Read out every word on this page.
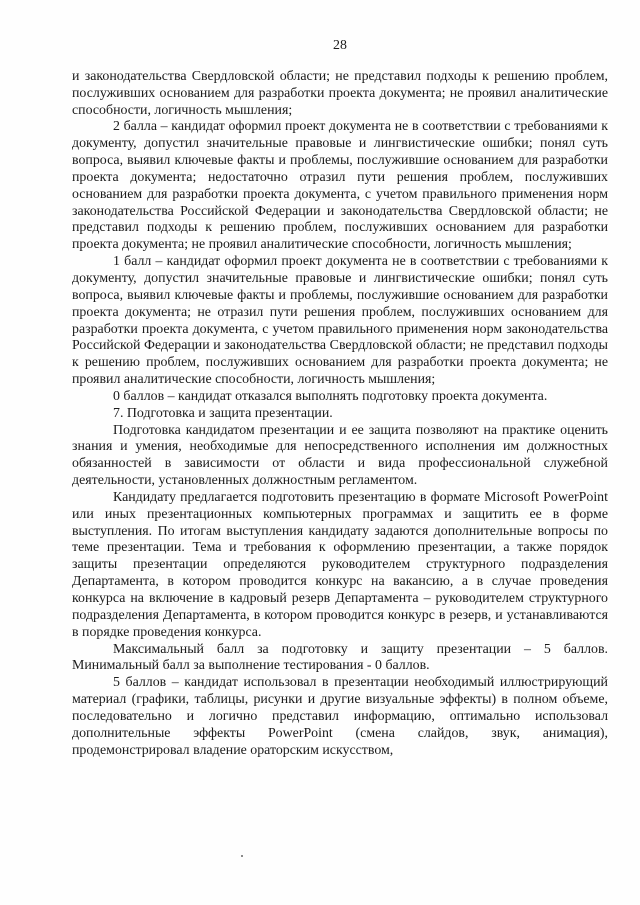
28

и законодательства Свердловской области; не представил подходы к решению проблем, послуживших основанием для разработки проекта документа; не проявил аналитические способности, логичность мышления;

2 балла – кандидат оформил проект документа не в соответствии с требованиями к документу, допустил значительные правовые и лингвистические ошибки; понял суть вопроса, выявил ключевые факты и проблемы, послужившие основанием для разработки проекта документа; недостаточно отразил пути решения проблем, послуживших основанием для разработки проекта документа, с учетом правильного применения норм законодательства Российской Федерации и законодательства Свердловской области; не представил подходы к решению проблем, послуживших основанием для разработки проекта документа; не проявил аналитические способности, логичность мышления;

1 балл – кандидат оформил проект документа не в соответствии с требованиями к документу, допустил значительные правовые и лингвистические ошибки; понял суть вопроса, выявил ключевые факты и проблемы, послужившие основанием для разработки проекта документа; не отразил пути решения проблем, послуживших основанием для разработки проекта документа, с учетом правильного применения норм законодательства Российской Федерации и законодательства Свердловской области; не представил подходы к решению проблем, послуживших основанием для разработки проекта документа; не проявил аналитические способности, логичность мышления;

0 баллов – кандидат отказался выполнять подготовку проекта документа.

7. Подготовка и защита презентации.

Подготовка кандидатом презентации и ее защита позволяют на практике оценить знания и умения, необходимые для непосредственного исполнения им должностных обязанностей в зависимости от области и вида профессиональной служебной деятельности, установленных должностным регламентом.

Кандидату предлагается подготовить презентацию в формате Microsoft PowerPoint или иных презентационных компьютерных программах и защитить ее в форме выступления. По итогам выступления кандидату задаются дополнительные вопросы по теме презентации. Тема и требования к оформлению презентации, а также порядок защиты презентации определяются руководителем структурного подразделения Департамента, в котором проводится конкурс на вакансию, а в случае проведения конкурса на включение в кадровый резерв Департамента – руководителем структурного подразделения Департамента, в котором проводится конкурс в резерв, и устанавливаются в порядке проведения конкурса.

Максимальный балл за подготовку и защиту презентации – 5 баллов. Минимальный балл за выполнение тестирования - 0 баллов.

5 баллов – кандидат использовал в презентации необходимый иллюстрирующий материал (графики, таблицы, рисунки и другие визуальные эффекты) в полном объеме, последовательно и логично представил информацию, оптимально использовал дополнительные эффекты PowerPoint (смена слайдов, звук, анимация), продемонстрировал владение ораторским искусством,
